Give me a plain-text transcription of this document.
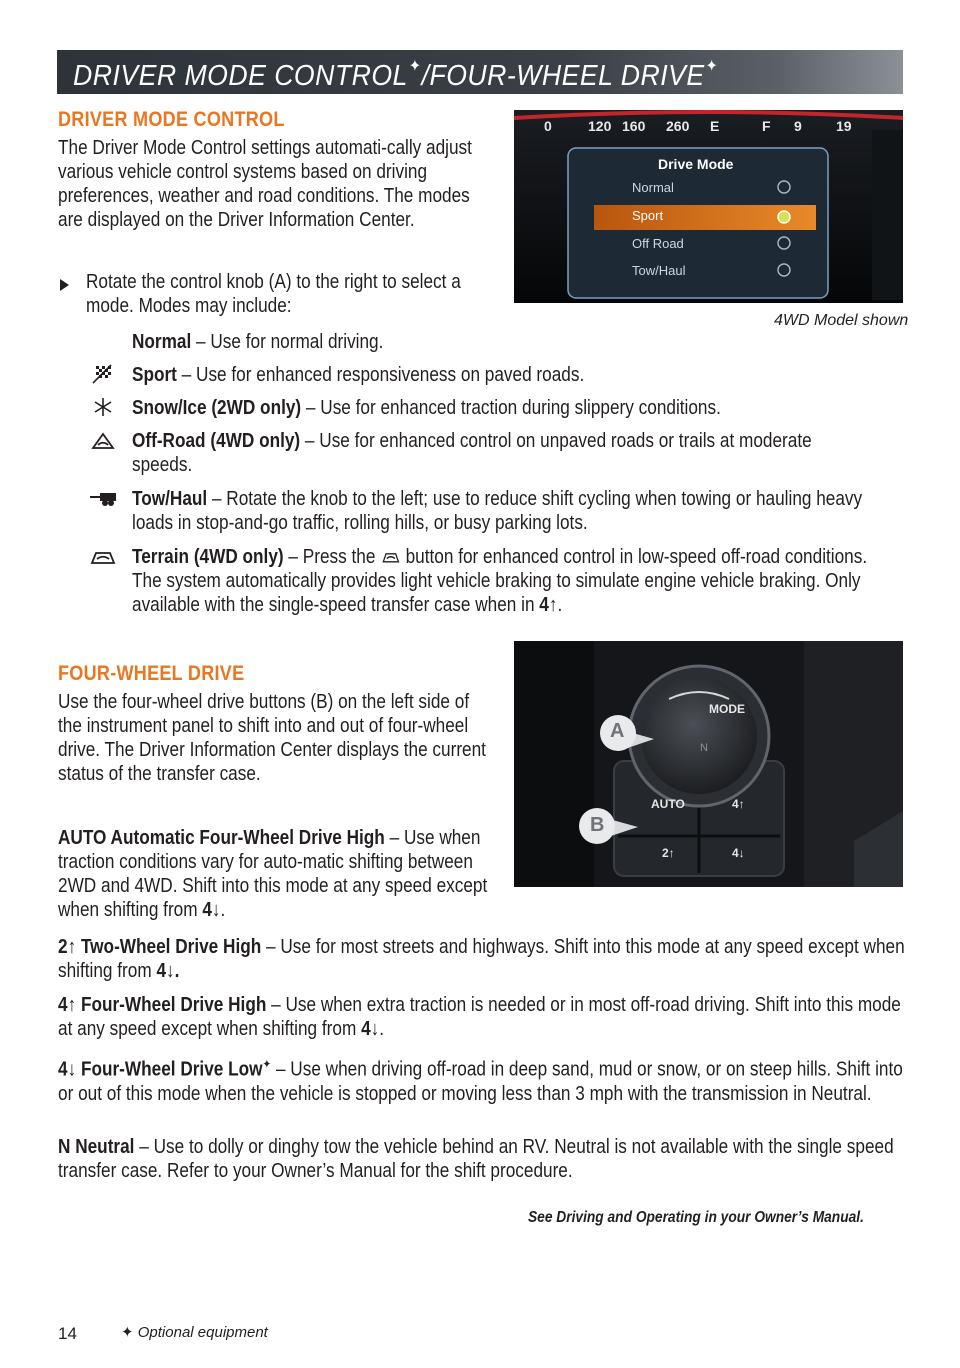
DRIVER MODE CONTROL✦/FOUR-WHEEL DRIVE✦
DRIVER MODE CONTROL
The Driver Mode Control settings automati-cally adjust various vehicle control systems based on driving preferences, weather and road conditions. The modes are displayed on the Driver Information Center.
Rotate the control knob (A) to the right to select a mode. Modes may include:
Normal – Use for normal driving.
Sport – Use for enhanced responsiveness on paved roads.
Snow/Ice (2WD only) – Use for enhanced traction during slippery conditions.
Off-Road (4WD only) – Use for enhanced control on unpaved roads or trails at moderate speeds.
Tow/Haul – Rotate the knob to the left; use to reduce shift cycling when towing or hauling heavy loads in stop-and-go traffic, rolling hills, or busy parking lots.
Terrain (4WD only) – Press the  button for enhanced control in low-speed off-road conditions. The system automatically provides light vehicle braking to simulate engine vehicle braking. Only available with the single-speed transfer case when in 4↑.
0	120 160 260 E	F 9 19
Drive Mode
Normal
Sport
Off Road
Tow/Haul
4WD Model shown
FOUR-WHEEL DRIVE
Use the four-wheel drive buttons (B) on the left side of the instrument panel to shift into and out of four-wheel drive. The Driver Information Center displays the current status of the transfer case.
AUTO Automatic Four-Wheel Drive High – Use when traction conditions vary for auto-matic shifting between 2WD and 4WD. Shift into this mode at any speed except when shifting from 4↓.
2↑ Two-Wheel Drive High – Use for most streets and highways. Shift into this mode at any speed except when shifting from 4↓.
4↑ Four-Wheel Drive High – Use when extra traction is needed or in most off-road driving. Shift into this mode at any speed except when shifting from 4↓.
4↓ Four-Wheel Drive Low✦ – Use when driving off-road in deep sand, mud or snow, or on steep hills. Shift into or out of this mode when the vehicle is stopped or moving less than 3 mph with the transmission in Neutral.
N Neutral – Use to dolly or dinghy tow the vehicle behind an RV. Neutral is not available with the single speed transfer case. Refer to your Owner’s Manual for the shift procedure.
MODE
N
AUTO	4↑
2↑	4↓
A
B
See Driving and Operating in your Owner’s Manual.
14	✦ Optional equipment
